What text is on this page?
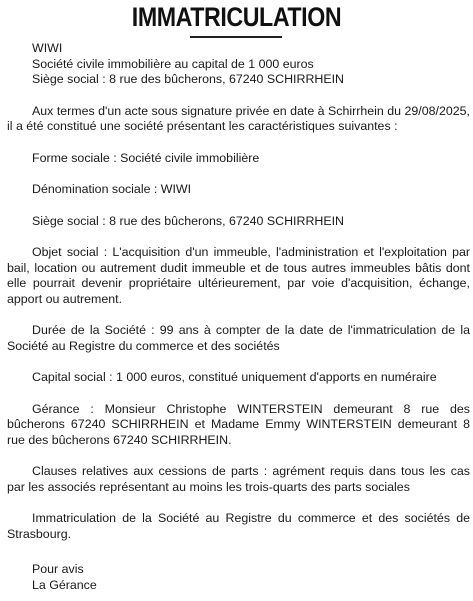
IMMATRICULATION
WIWI
Société civile immobilière au capital de 1 000 euros
Siège social : 8 rue des bûcherons, 67240 SCHIRRHEIN

Aux termes d'un acte sous signature privée en date à Schirrhein du 29/08/2025, il a été constitué une société présentant les caractéristiques suivantes :

Forme sociale : Société civile immobilière

Dénomination sociale : WIWI

Siège social : 8 rue des bûcherons, 67240 SCHIRRHEIN

Objet social : L'acquisition d'un immeuble, l'administration et l'exploitation par bail, location ou autrement dudit immeuble et de tous autres immeubles bâtis dont elle pourrait devenir propriétaire ultérieurement, par voie d'acquisition, échange, apport ou autrement.

Durée de la Société : 99 ans à compter de la date de l'immatriculation de la Société au Registre du commerce et des sociétés

Capital social : 1 000 euros, constitué uniquement d'apports en numéraire

Gérance : Monsieur Christophe WINTERSTEIN demeurant 8 rue des bûcherons 67240 SCHIRRHEIN et Madame Emmy WINTERSTEIN demeurant 8 rue des bûcherons 67240 SCHIRRHEIN.

Clauses relatives aux cessions de parts : agrément requis dans tous les cas par les associés représentant au moins les trois-quarts des parts sociales

Immatriculation de la Société au Registre du commerce et des sociétés de Strasbourg.

Pour avis
La Gérance
